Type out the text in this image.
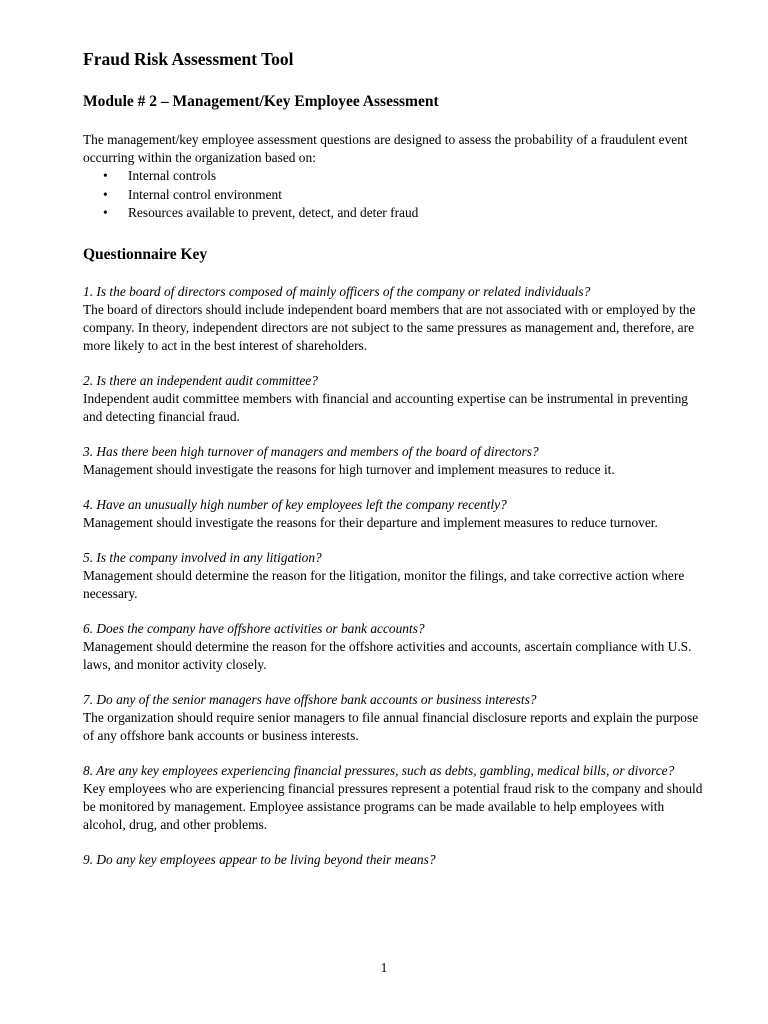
Fraud Risk Assessment Tool
Module # 2 – Management/Key Employee Assessment

The management/key employee assessment questions are designed to assess the probability of a fraudulent event occurring within the organization based on:

• Internal controls
• Internal control environment
• Resources available to prevent, detect, and deter fraud
Questionnaire Key
1. Is the board of directors composed of mainly officers of the company or related individuals?
The board of directors should include independent board members that are not associated with or employed by the company. In theory, independent directors are not subject to the same pressures as management and, therefore, are more likely to act in the best interest of shareholders.
2. Is there an independent audit committee?
Independent audit committee members with financial and accounting expertise can be instrumental in preventing and detecting financial fraud.
3. Has there been high turnover of managers and members of the board of directors?
Management should investigate the reasons for high turnover and implement measures to reduce it.
4. Have an unusually high number of key employees left the company recently?
Management should investigate the reasons for their departure and implement measures to reduce turnover.
5. Is the company involved in any litigation?
Management should determine the reason for the litigation, monitor the filings, and take corrective action where necessary.
6. Does the company have offshore activities or bank accounts?
Management should determine the reason for the offshore activities and accounts, ascertain compliance with U.S. laws, and monitor activity closely.
7. Do any of the senior managers have offshore bank accounts or business interests?
The organization should require senior managers to file annual financial disclosure reports and explain the purpose of any offshore bank accounts or business interests.
8. Are any key employees experiencing financial pressures, such as debts, gambling, medical bills, or divorce?
Key employees who are experiencing financial pressures represent a potential fraud risk to the company and should be monitored by management. Employee assistance programs can be made available to help employees with alcohol, drug, and other problems.
9. Do any key employees appear to be living beyond their means?
1
